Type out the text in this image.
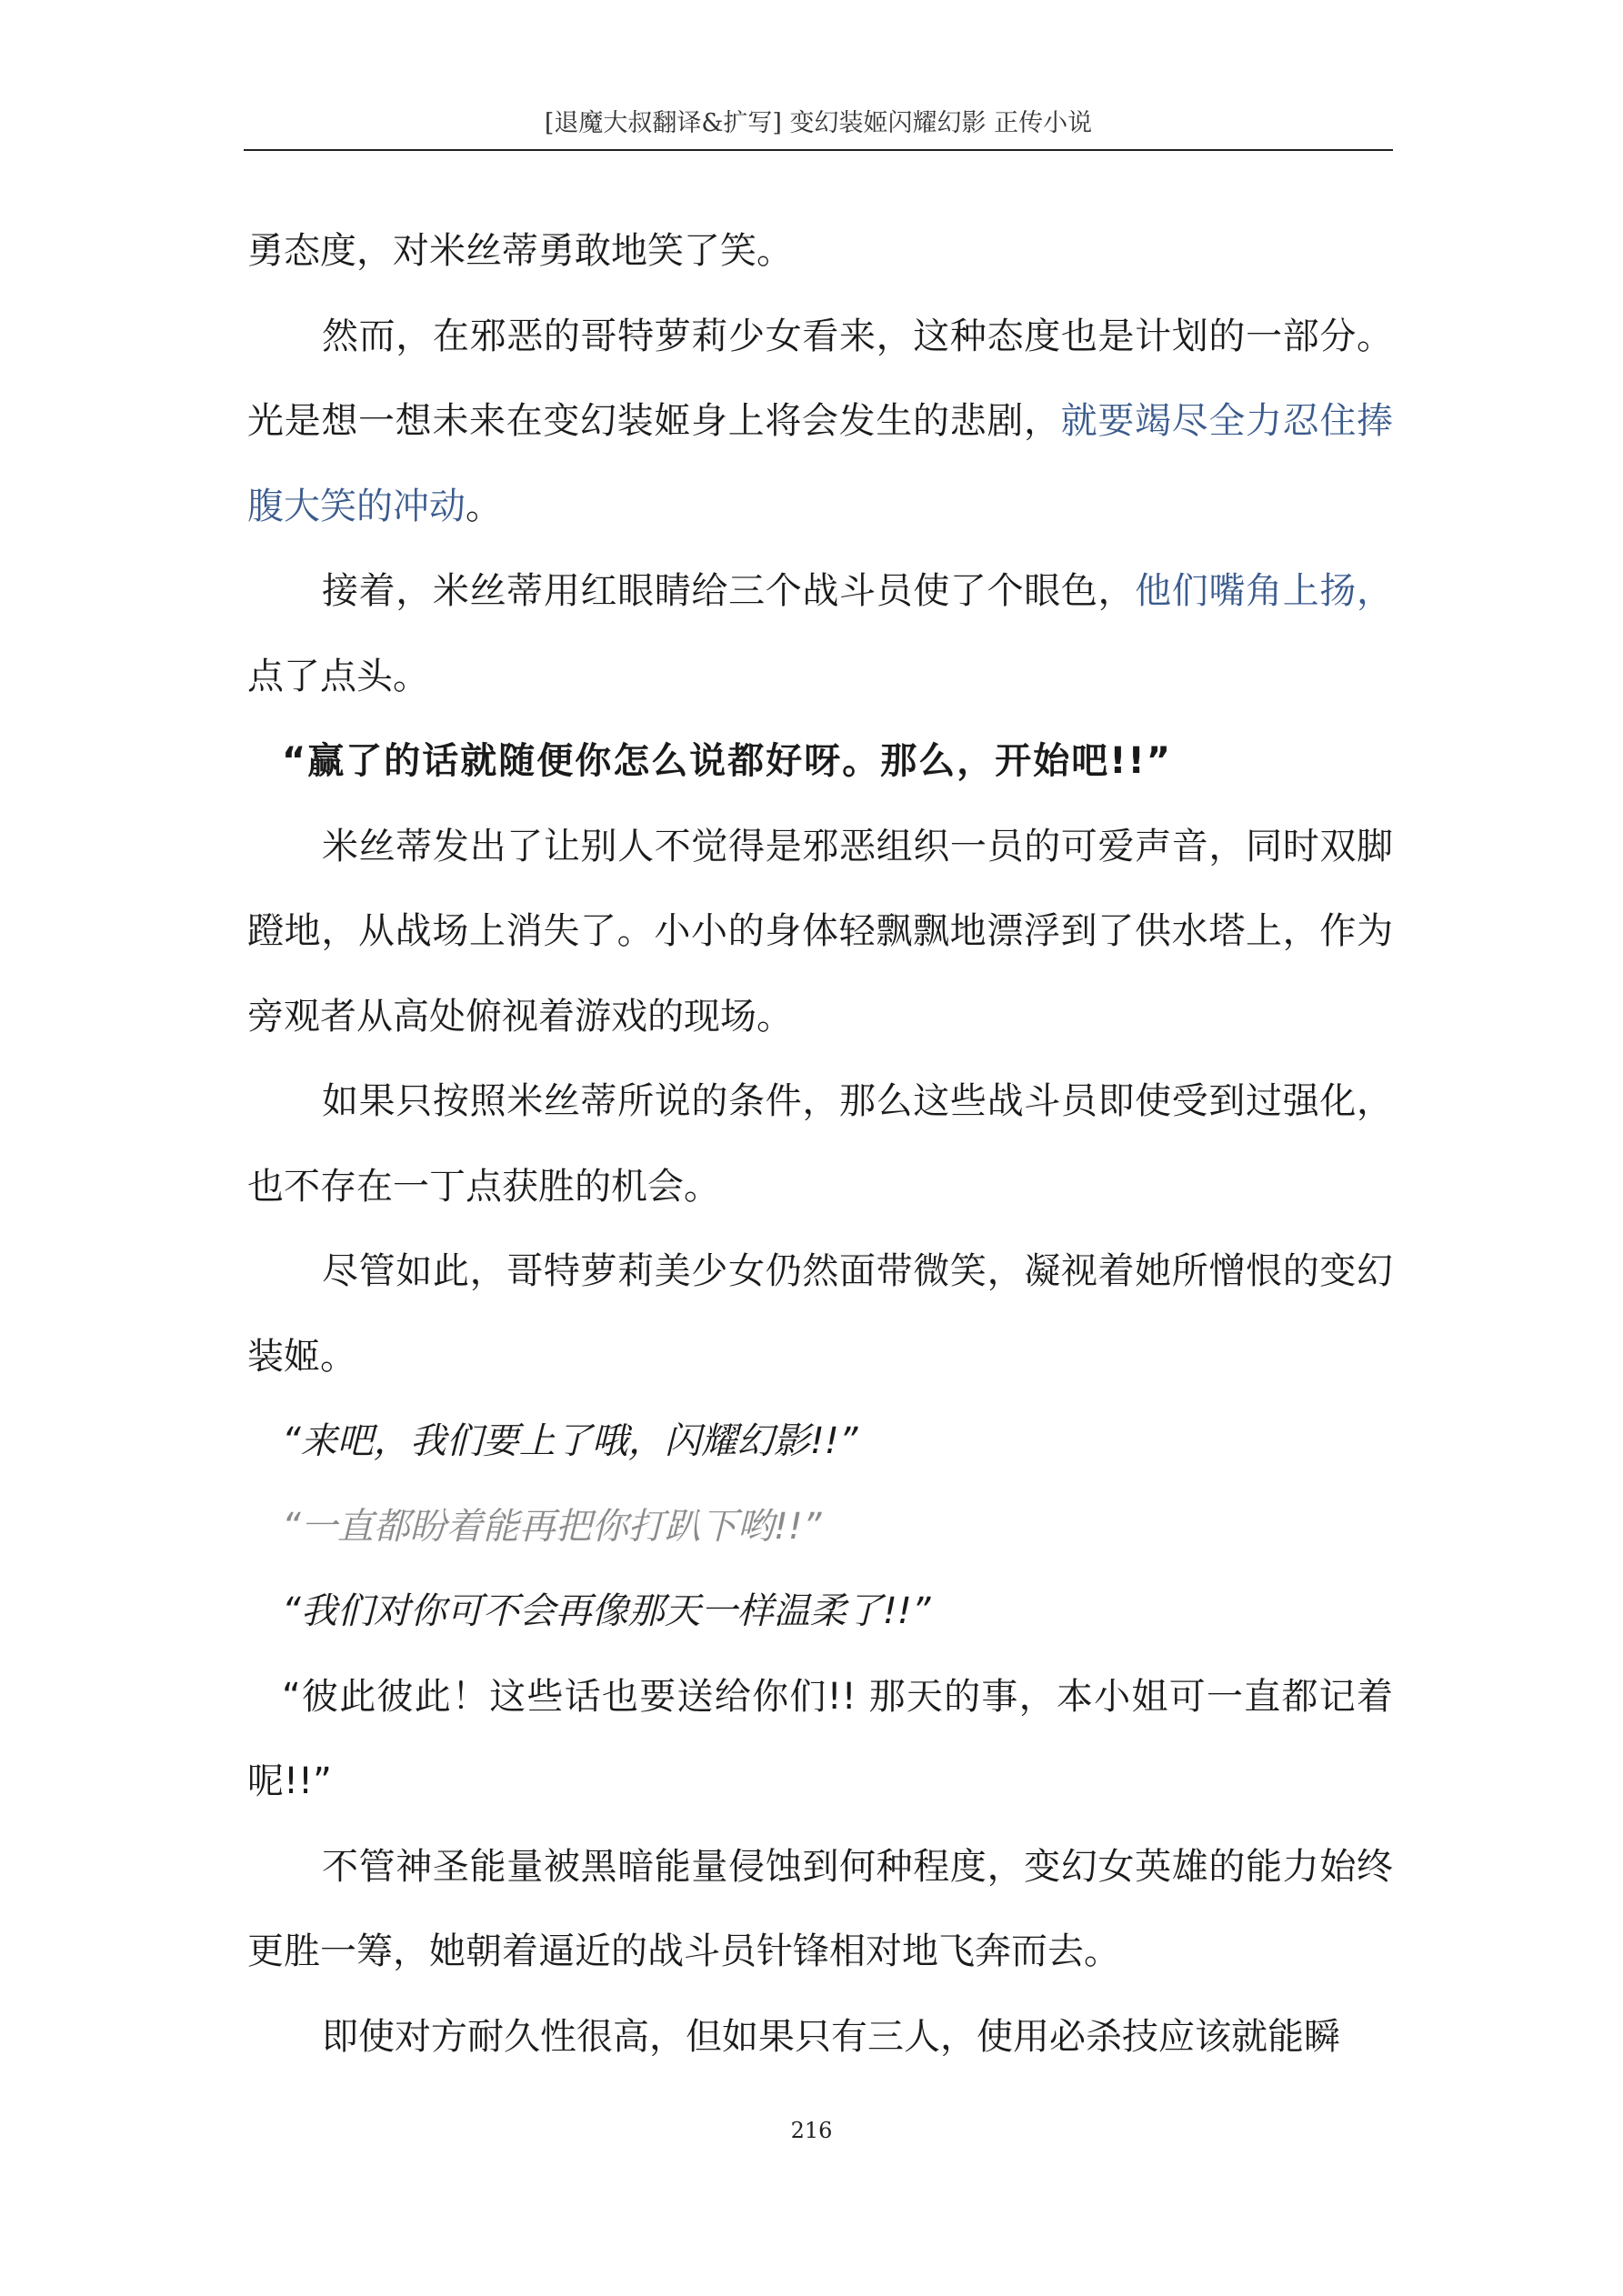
[退魔大叔翻译&扩写] 变幻装姬闪耀幻影 正传小说

勇态度，对米丝蒂勇敢地笑了笑。

然而，在邪恶的哥特萝莉少女看来，这种态度也是计划的一部分。光是想一想未来在变幻装姬身上将会发生的悲剧，就要竭尽全力忍住捧腹大笑的冲动。

接着，米丝蒂用红眼睛给三个战斗员使了个眼色，他们嘴角上扬，点了点头。

“赢了的话就随便你怎么说都好呀。那么，开始吧!!”

米丝蒂发出了让别人不觉得是邪恶组织一员的可爱声音，同时双脚蹬地，从战场上消失了。小小的身体轻飘飘地漂浮到了供水塔上，作为旁观者从高处俯视着游戏的现场。

如果只按照米丝蒂所说的条件，那么这些战斗员即使受到过强化，也不存在一丁点获胜的机会。

尽管如此，哥特萝莉美少女仍然面带微笑，凝视着她所憎恨的变幻装姬。

“来吧，我们要上了哦，闪耀幻影!!”

“一直都盼着能再把你打趴下哟!!”

“我们对你可不会再像那天一样温柔了!!”

“彼此彼此！这些话也要送给你们!! 那天的事，本小姐可一直都记着呢!!”

不管神圣能量被黑暗能量侵蚀到何种程度，变幻女英雄的能力始终更胜一筹，她朝着逼近的战斗员针锋相对地飞奔而去。

即使对方耐久性很高，但如果只有三人，使用必杀技应该就能瞬

216
